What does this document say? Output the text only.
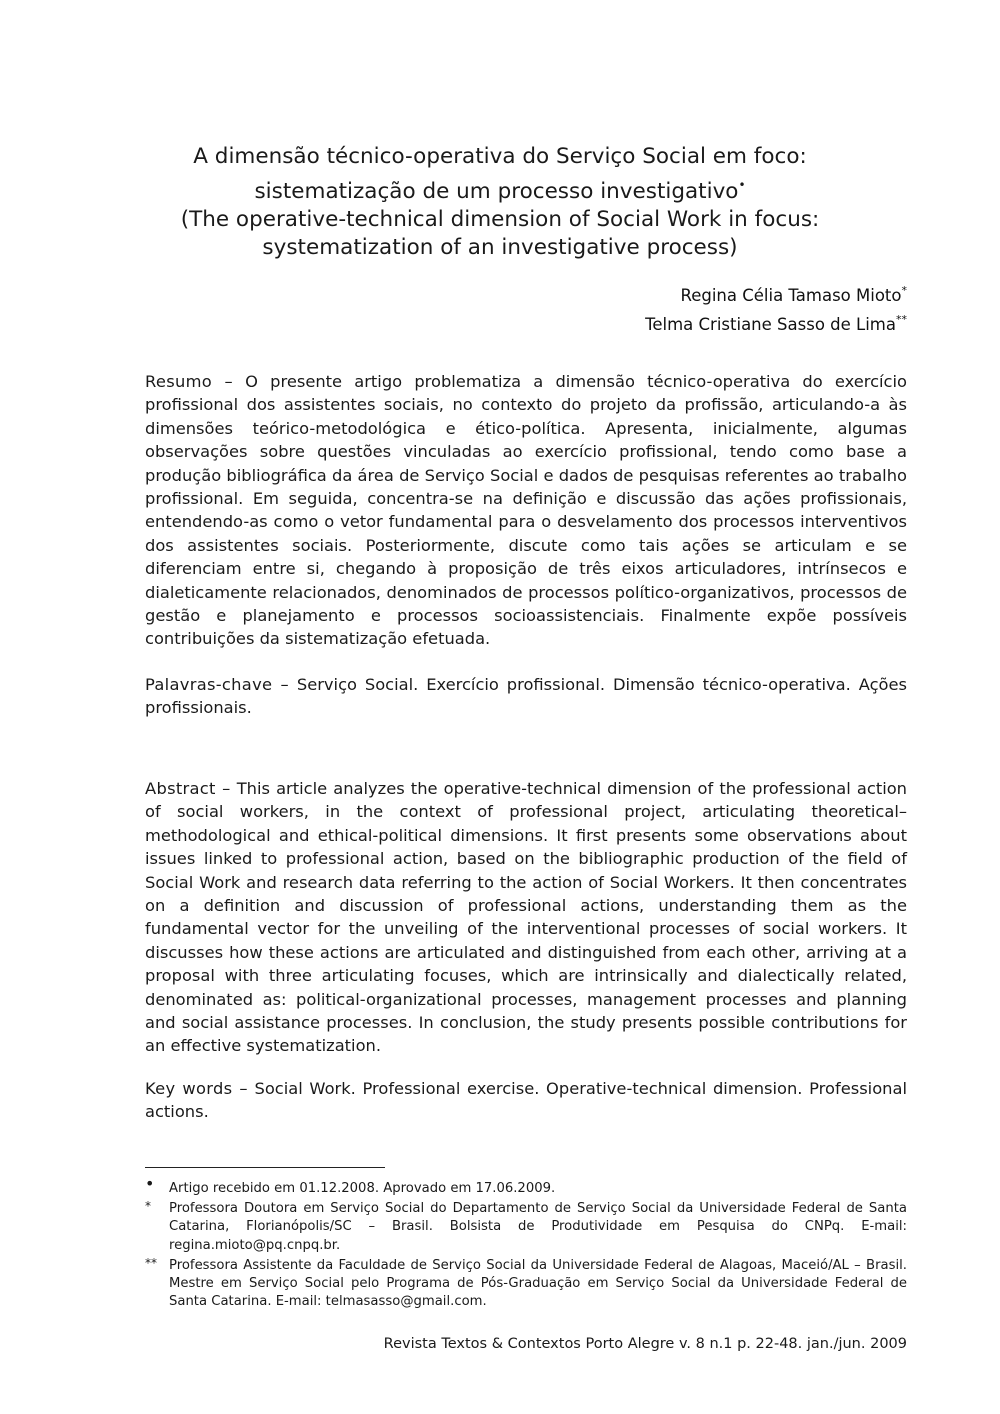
A dimensão técnico-operativa do Serviço Social em foco:
sistematização de um processo investigativo•
(The operative-technical dimension of Social Work in focus:
systematization of an investigative process)
Regina Célia Tamaso Mioto*
Telma Cristiane Sasso de Lima**

Resumo – O presente artigo problematiza a dimensão técnico-operativa do exercício profissional dos assistentes sociais, no contexto do projeto da profissão, articulando-a às dimensões teórico-metodológica e ético-política. Apresenta, inicialmente, algumas observações sobre questões vinculadas ao exercício profissional, tendo como base a produção bibliográfica da área de Serviço Social e dados de pesquisas referentes ao trabalho profissional. Em seguida, concentra-se na definição e discussão das ações profissionais, entendendo-as como o vetor fundamental para o desvelamento dos processos interventivos dos assistentes sociais. Posteriormente, discute como tais ações se articulam e se diferenciam entre si, chegando à proposição de três eixos articuladores, intrínsecos e dialeticamente relacionados, denominados de processos político-organizativos, processos de gestão e planejamento e processos socioassistenciais. Finalmente expõe possíveis contribuições da sistematização efetuada.

Palavras-chave – Serviço Social. Exercício profissional. Dimensão técnico-operativa. Ações profissionais.

Abstract – This article analyzes the operative-technical dimension of the professional action of social workers, in the context of professional project, articulating theoretical–methodological and ethical-political dimensions. It first presents some observations about issues linked to professional action, based on the bibliographic production of the field of Social Work and research data referring to the action of Social Workers. It then concentrates on a definition and discussion of professional actions, understanding them as the fundamental vector for the unveiling of the interventional processes of social workers. It discusses how these actions are articulated and distinguished from each other, arriving at a proposal with three articulating focuses, which are intrinsically and dialectically related, denominated as: political-organizational processes, management processes and planning and social assistance processes. In conclusion, the study presents possible contributions for an effective systematization.

Key words – Social Work. Professional exercise. Operative-technical dimension. Professional actions.

• Artigo recebido em 01.12.2008. Aprovado em 17.06.2009.
* Professora Doutora em Serviço Social do Departamento de Serviço Social da Universidade Federal de Santa Catarina, Florianópolis/SC – Brasil. Bolsista de Produtividade em Pesquisa do CNPq. E-mail: regina.mioto@pq.cnpq.br.
** Professora Assistente da Faculdade de Serviço Social da Universidade Federal de Alagoas, Maceió/AL – Brasil. Mestre em Serviço Social pelo Programa de Pós-Graduação em Serviço Social da Universidade Federal de Santa Catarina. E-mail: telmasasso@gmail.com.
Revista Textos & Contextos Porto Alegre v. 8 n.1 p. 22-48. jan./jun. 2009
